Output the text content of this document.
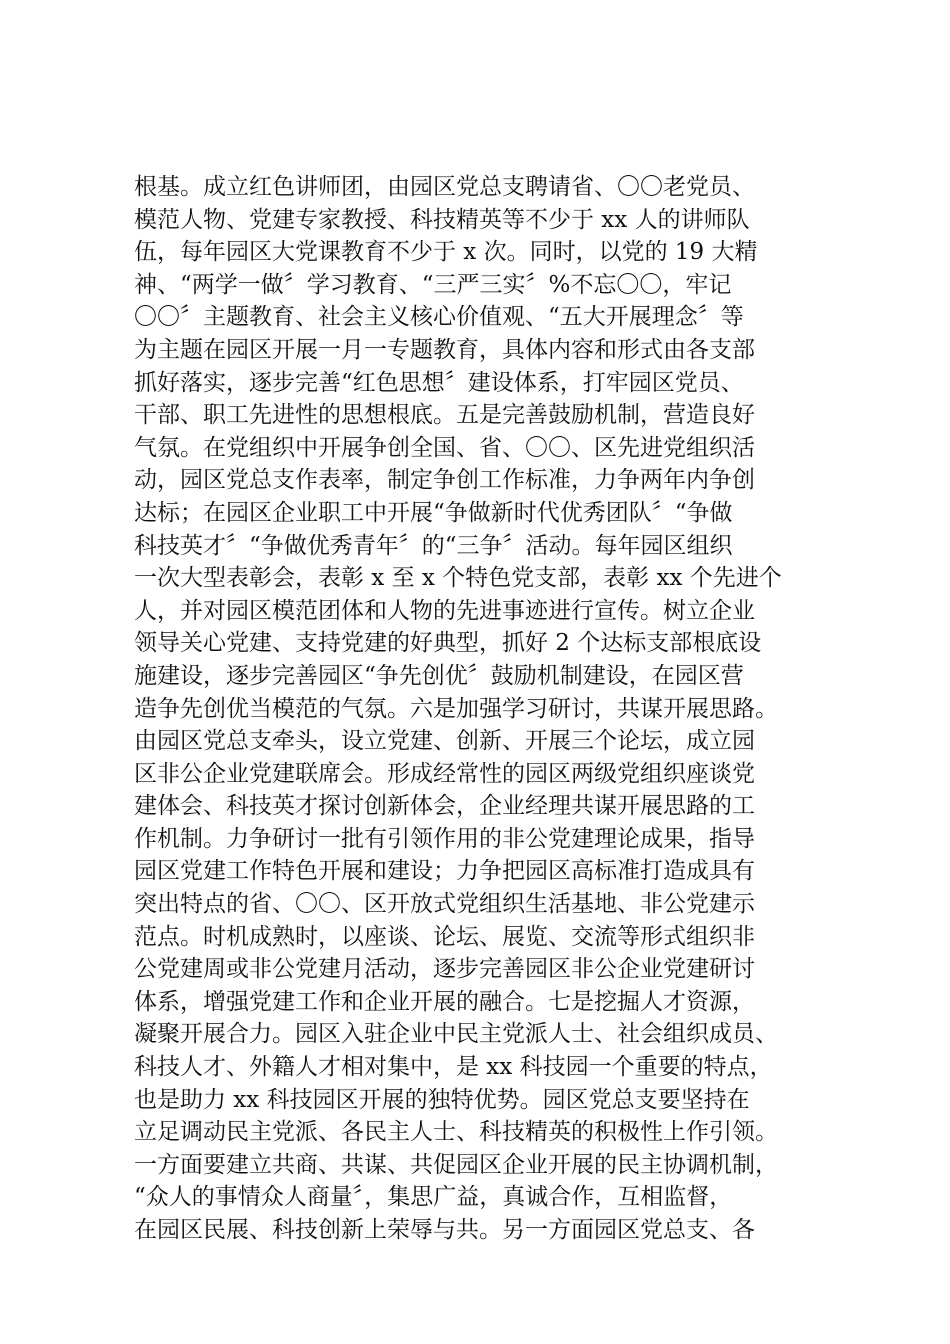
根基。成立红色讲师团，由园区党总支聘请省、〇〇老党员、
模范人物、党建专家教授、科技精英等不少于 xx 人的讲师队
伍，每年园区大党课教育不少于 x 次。同时，以党的 19 大精
神、“两学一做〞学习教育、“三严三实〞%不忘〇〇，牢记
〇〇〞主题教育、社会主义核心价值观、“五大开展理念〞等
为主题在园区开展一月一专题教育，具体内容和形式由各支部
抓好落实，逐步完善“红色思想〞建设体系，打牢园区党员、
干部、职工先进性的思想根底。五是完善鼓励机制，营造良好
气氛。在党组织中开展争创全国、省、〇〇、区先进党组织活
动，园区党总支作表率，制定争创工作标准，力争两年内争创
达标；在园区企业职工中开展“争做新时代优秀团队〞“争做
科技英才〞“争做优秀青年〞的“三争〞活动。每年园区组织
一次大型表彰会，表彰 x 至 x 个特色党支部，表彰 xx 个先进个
人，并对园区模范团体和人物的先进事迹进行宣传。树立企业
领导关心党建、支持党建的好典型，抓好 2 个达标支部根底设
施建设，逐步完善园区“争先创优〞鼓励机制建设，在园区营
造争先创优当模范的气氛。六是加强学习研讨，共谋开展思路。
由园区党总支牵头，设立党建、创新、开展三个论坛，成立园
区非公企业党建联席会。形成经常性的园区两级党组织座谈党
建体会、科技英才探讨创新体会，企业经理共谋开展思路的工
作机制。力争研讨一批有引领作用的非公党建理论成果，指导
园区党建工作特色开展和建设；力争把园区高标准打造成具有
突出特点的省、〇〇、区开放式党组织生活基地、非公党建示
范点。时机成熟时，以座谈、论坛、展览、交流等形式组织非
公党建周或非公党建月活动，逐步完善园区非公企业党建研讨
体系，增强党建工作和企业开展的融合。七是挖掘人才资源，
凝聚开展合力。园区入驻企业中民主党派人士、社会组织成员、
科技人才、外籍人才相对集中，是 xx 科技园一个重要的特点，
也是助力 xx 科技园区开展的独特优势。园区党总支要坚持在
立足调动民主党派、各民主人士、科技精英的积极性上作引领。
一方面要建立共商、共谋、共促园区企业开展的民主协调机制，
“众人的事情众人商量〞，集思广益，真诚合作，互相监督，
在园区民展、科技创新上荣辱与共。另一方面园区党总支、各
